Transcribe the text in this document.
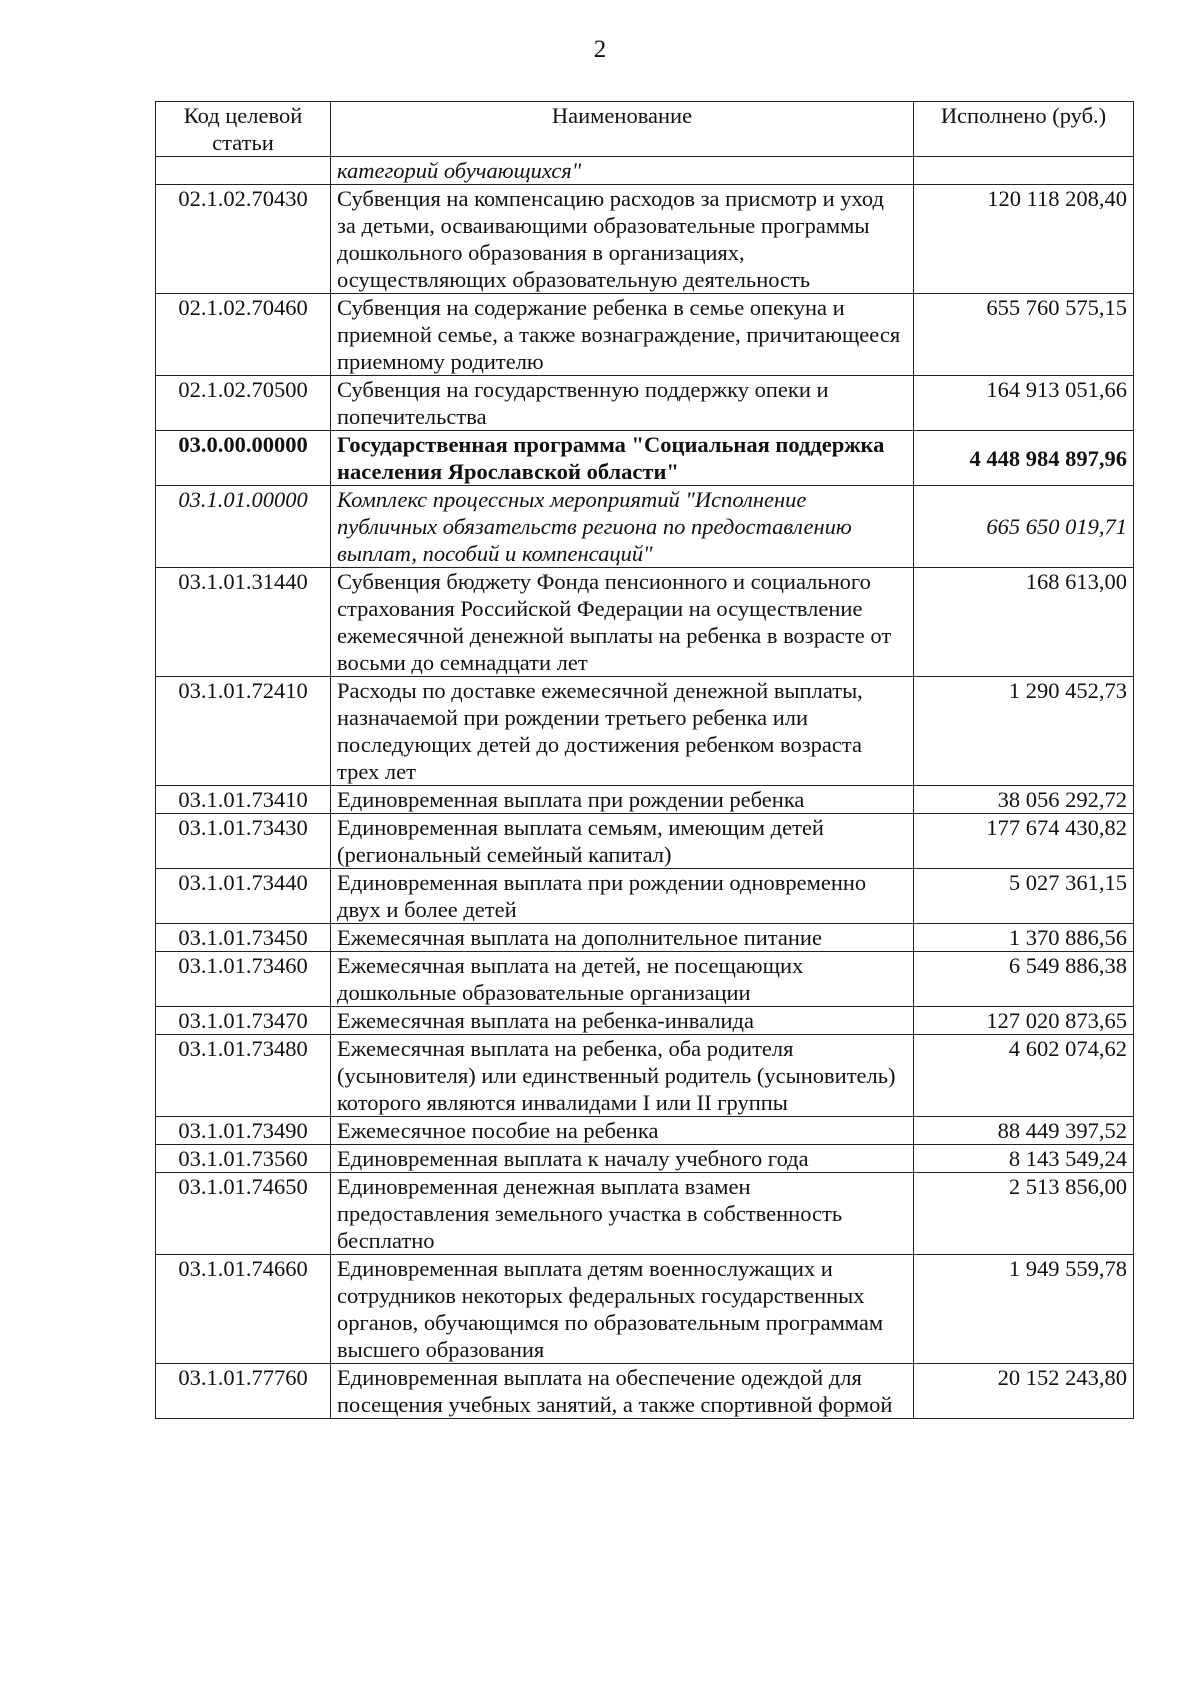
2
Код целевой статьи	Наименование	Исполнено (руб.)
	категорий обучающихся"	
02.1.02.70430	Субвенция на компенсацию расходов за присмотр и уход за детьми, осваивающими образовательные программы дошкольного образования в организациях, осуществляющих образовательную деятельность	120 118 208,40
02.1.02.70460	Субвенция на содержание ребенка в семье опекуна и приемной семье, а также вознаграждение, причитающееся приемному родителю	655 760 575,15
02.1.02.70500	Субвенция на государственную поддержку опеки и попечительства	164 913 051,66
03.0.00.00000	Государственная программа "Социальная поддержка населения Ярославской области"	4 448 984 897,96
03.1.01.00000	Комплекс процессных мероприятий "Исполнение публичных обязательств региона по предоставлению выплат, пособий и компенсаций"	665 650 019,71
03.1.01.31440	Субвенция бюджету Фонда пенсионного и социального страхования Российской Федерации на осуществление ежемесячной денежной выплаты на ребенка в возрасте от восьми до семнадцати лет	168 613,00
03.1.01.72410	Расходы по доставке ежемесячной денежной выплаты, назначаемой при рождении третьего ребенка или последующих детей до достижения ребенком возраста трех лет	1 290 452,73
03.1.01.73410	Единовременная выплата при рождении ребенка	38 056 292,72
03.1.01.73430	Единовременная выплата семьям, имеющим детей (региональный семейный капитал)	177 674 430,82
03.1.01.73440	Единовременная выплата при рождении одновременно двух и более детей	5 027 361,15
03.1.01.73450	Ежемесячная выплата на дополнительное питание	1 370 886,56
03.1.01.73460	Ежемесячная выплата на детей, не посещающих дошкольные образовательные организации	6 549 886,38
03.1.01.73470	Ежемесячная выплата на ребенка-инвалида	127 020 873,65
03.1.01.73480	Ежемесячная выплата на ребенка, оба родителя (усыновителя) или единственный родитель (усыновитель) которого являются инвалидами I или II группы	4 602 074,62
03.1.01.73490	Ежемесячное пособие на ребенка	88 449 397,52
03.1.01.73560	Единовременная выплата к началу учебного года	8 143 549,24
03.1.01.74650	Единовременная денежная выплата взамен предоставления земельного участка в собственность бесплатно	2 513 856,00
03.1.01.74660	Единовременная выплата детям военнослужащих и сотрудников некоторых федеральных государственных органов, обучающимся по образовательным программам высшего образования	1 949 559,78
03.1.01.77760	Единовременная выплата на обеспечение одеждой для посещения учебных занятий, а также спортивной формой	20 152 243,80
